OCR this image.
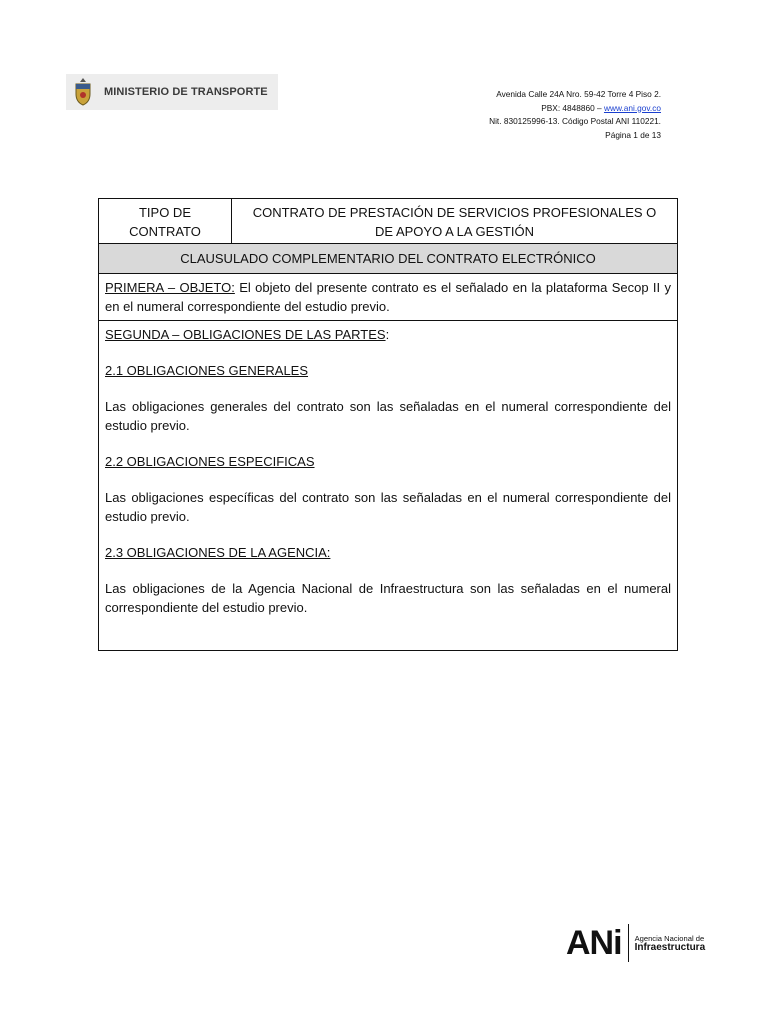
MINISTERIO DE TRANSPORTE	Avenida Calle 24A Nro. 59-42 Torre 4 Piso 2.
PBX: 4848860 – www.ani.gov.co
Nit. 830125996-13. Código Postal ANI 110221.
Página 1 de 13
TIPO DE
CONTRATO
CONTRATO DE PRESTACIÓN DE SERVICIOS PROFESIONALES O
DE APOYO A LA GESTIÓN
CLAUSULADO COMPLEMENTARIO DEL CONTRATO ELECTRÓNICO
PRIMERA – OBJETO: El objeto del presente contrato es el señalado en la plataforma Secop II y en el numeral correspondiente del estudio previo.

SEGUNDA – OBLIGACIONES DE LAS PARTES:

2.1 OBLIGACIONES GENERALES

Las obligaciones generales del contrato son las señaladas en el numeral correspondiente del estudio previo.

2.2 OBLIGACIONES ESPECIFICAS

Las obligaciones específicas del contrato son las señaladas en el numeral correspondiente del estudio previo.

2.3 OBLIGACIONES DE LA AGENCIA:

Las obligaciones de la Agencia Nacional de Infraestructura son las señaladas en el numeral correspondiente del estudio previo.

ANi Agencia Nacional de
Infraestructura
